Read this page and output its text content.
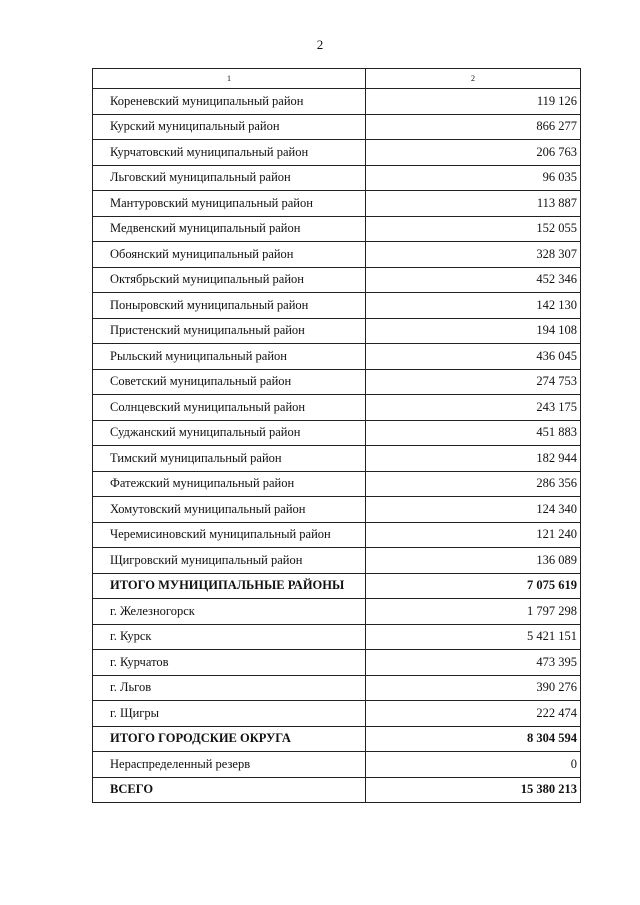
2
1	2
Кореневский муниципальный район	119 126
Курский муниципальный район	866 277
Курчатовский муниципальный район	206 763
Льговский муниципальный район	96 035
Мантуровский муниципальный район	113 887
Медвенский муниципальный район	152 055
Обоянский муниципальный район	328 307
Октябрьский муниципальный район	452 346
Поныровский муниципальный район	142 130
Пристенский муниципальный район	194 108
Рыльский муниципальный район	436 045
Советский муниципальный район	274 753
Солнцевский муниципальный район	243 175
Суджанский муниципальный район	451 883
Тимский муниципальный район	182 944
Фатежский муниципальный район	286 356
Хомутовский муниципальный район	124 340
Черемисиновский муниципальный район	121 240
Щигровский муниципальный район	136 089
ИТОГО МУНИЦИПАЛЬНЫЕ РАЙОНЫ	7 075 619
г. Железногорск	1 797 298
г. Курск	5 421 151
г. Курчатов	473 395
г. Льгов	390 276
г. Щигры	222 474
ИТОГО ГОРОДСКИЕ ОКРУГА	8 304 594
Нераспределенный резерв	0
ВСЕГО	15 380 213
